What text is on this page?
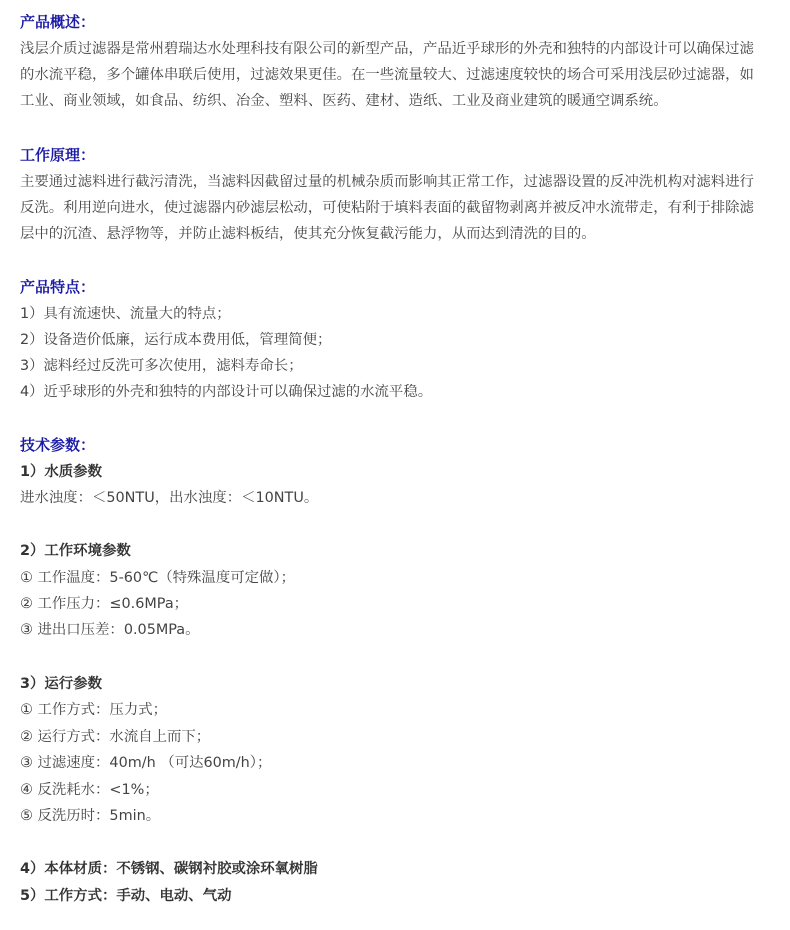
产品概述：
浅层介质过滤器是常州碧瑞达水处理科技有限公司的新型产品，产品近乎球形的外壳和独特的内部设计可以确保过滤
的水流平稳，多个罐体串联后使用，过滤效果更佳。在一些流量较大、过滤速度较快的场合可采用浅层砂过滤器，如
工业、商业领域，如食品、纺织、冶金、塑料、医药、建材、造纸、工业及商业建筑的暖通空调系统。
工作原理：
主要通过滤料进行截污清洗，当滤料因截留过量的机械杂质而影响其正常工作，过滤器设置的反冲洗机构对滤料进行
反洗。利用逆向进水，使过滤器内砂滤层松动，可使粘附于填料表面的截留物剥离并被反冲水流带走，有利于排除滤
层中的沉渣、悬浮物等，并防止滤料板结，使其充分恢复截污能力，从而达到清洗的目的。
产品特点：
1）具有流速快、流量大的特点；
2）设备造价低廉，运行成本费用低，管理简便；
3）滤料经过反洗可多次使用，滤料寿命长；
4）近乎球形的外壳和独特的内部设计可以确保过滤的水流平稳。
技术参数：
1）水质参数
进水浊度：＜50NTU，出水浊度：＜10NTU。
2）工作环境参数
① 工作温度：5-60℃（特殊温度可定做）；
② 工作压力：≤0.6MPa；
③ 进出口压差：0.05MPa。
3）运行参数
① 工作方式：压力式；
② 运行方式：水流自上而下；
③ 过滤速度：40m/h （可达60m/h）；
④ 反洗耗水：<1%；
⑤ 反洗历时：5min。
4）本体材质：不锈钢、碳钢衬胶或涂环氧树脂
5）工作方式：手动、电动、气动
